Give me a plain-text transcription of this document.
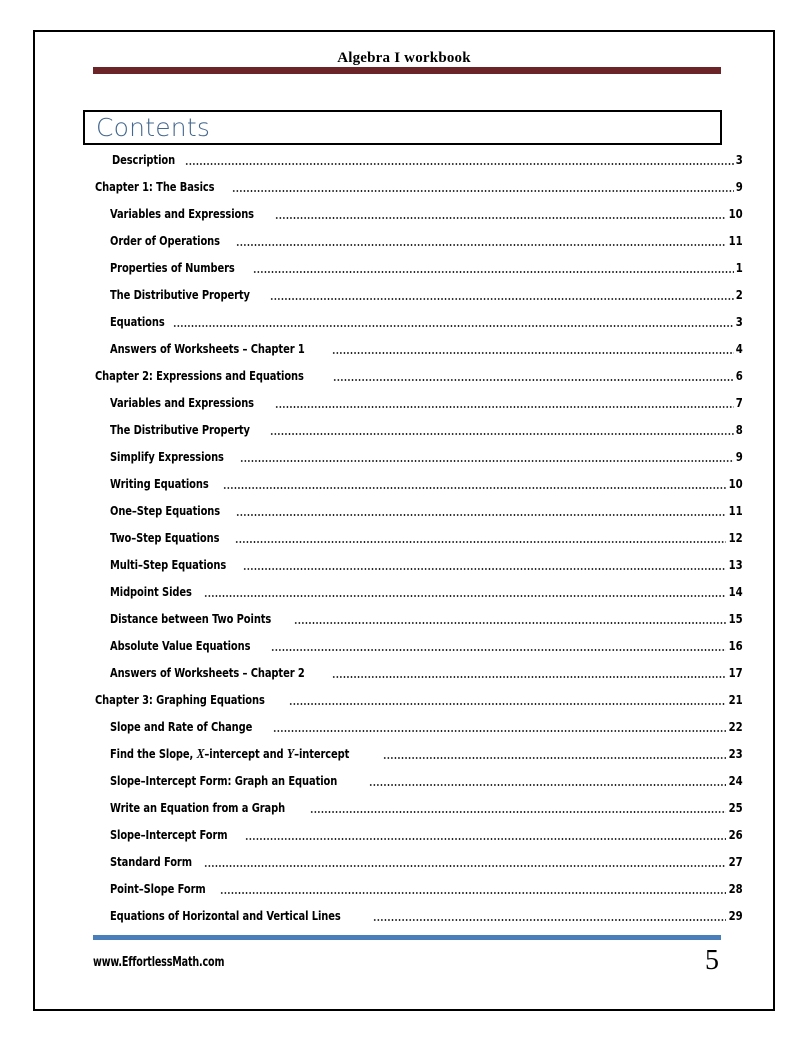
Algebra I workbook
Contents
Description	3
Chapter 1: The Basics	9
Variables and Expressions	10
Order of Operations	11
Properties of Numbers	1
The Distributive Property	2
Equations	3
Answers of Worksheets – Chapter 1	4
Chapter 2: Expressions and Equations	6
Variables and Expressions	7
The Distributive Property	8
Simplify Expressions	9
Writing Equations	10
One–Step Equations	11
Two–Step Equations	12
Multi–Step Equations	13
Midpoint Sides	14
Distance between Two Points	15
Absolute Value Equations	16
Answers of Worksheets – Chapter 2	17
Chapter 3: Graphing Equations	21
Slope and Rate of Change	22
Find the Slope, X–intercept and Y–intercept	23
Slope–Intercept Form: Graph an Equation	24
Write an Equation from a Graph	25
Slope–Intercept Form	26
Standard Form	27
Point–Slope Form	28
Equations of Horizontal and Vertical Lines	29
www.EffortlessMath.com	5
